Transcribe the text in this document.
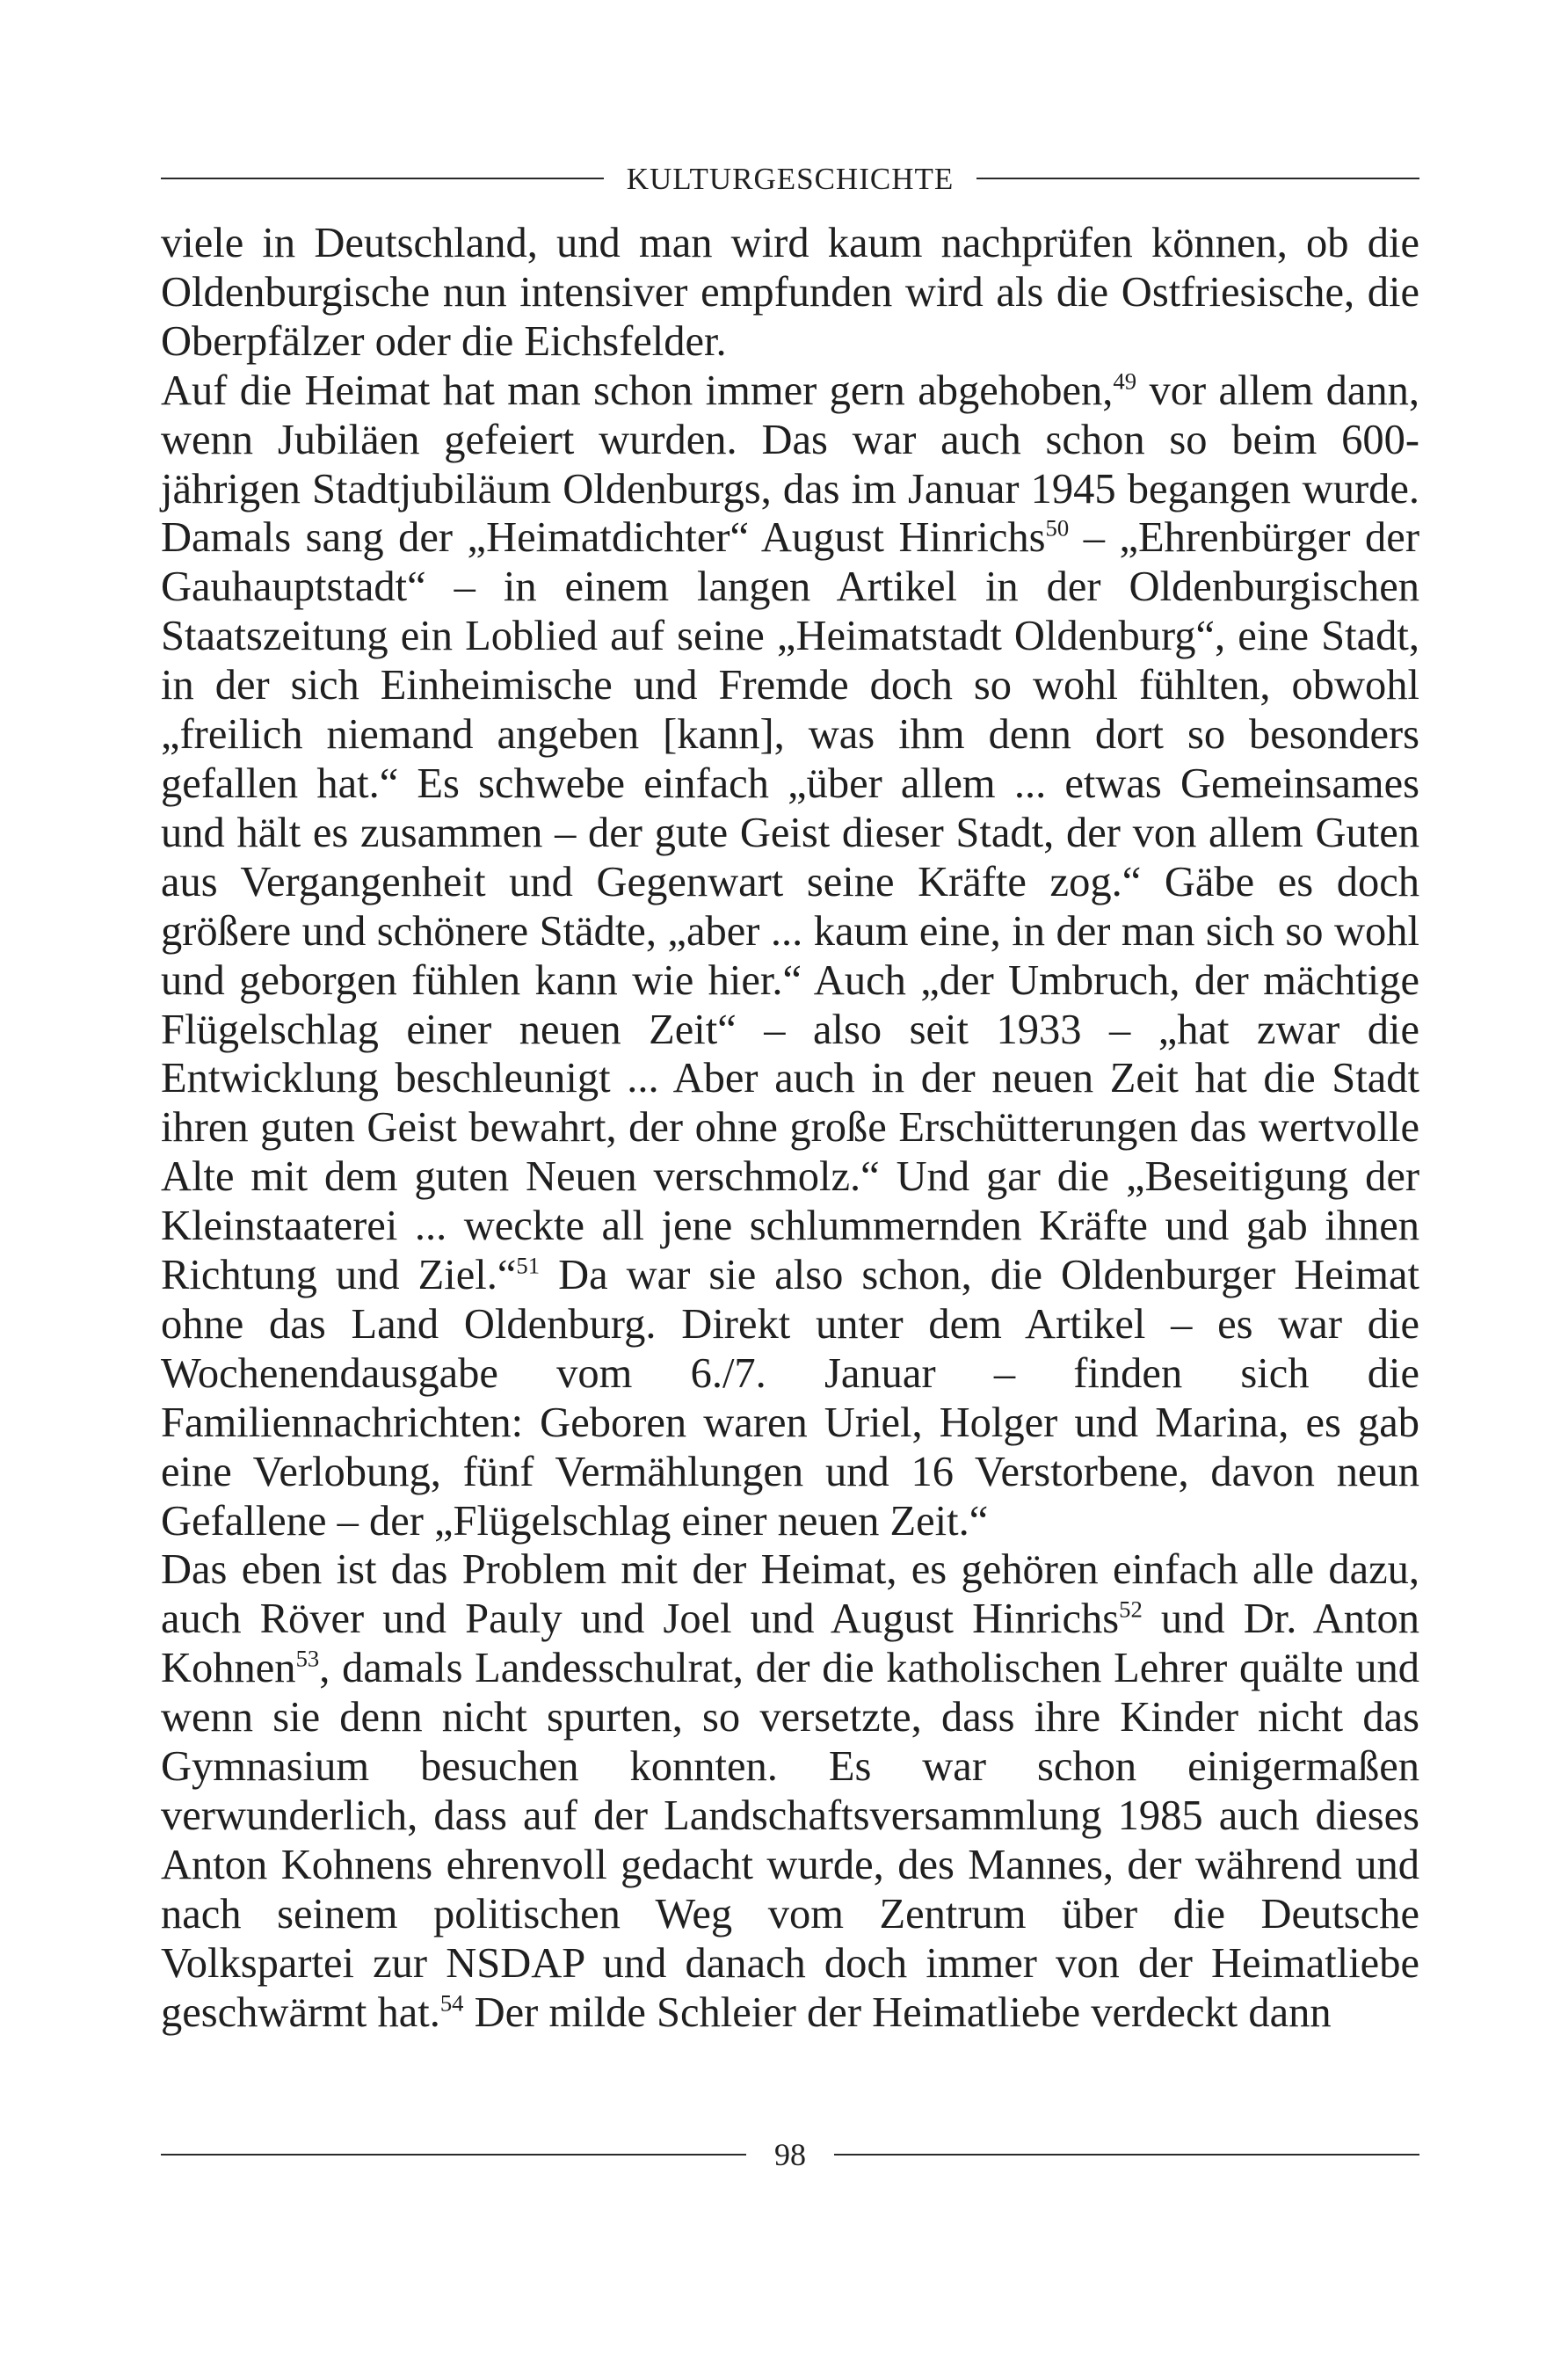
KULTURGESCHICHTE

viele in Deutschland, und man wird kaum nachprüfen können, ob die Oldenburgische nun intensiver empfunden wird als die Ostfriesische, die Oberpfälzer oder die Eichsfelder.

Auf die Heimat hat man schon immer gern abgehoben,$^{49}$ vor allem dann, wenn Jubiläen gefeiert wurden. Das war auch schon so beim 600-jährigen Stadtjubiläum Oldenburgs, das im Januar 1945 begangen wurde. Damals sang der „Heimatdichter“ August Hinrichs$^{50}$ – „Ehrenbürger der Gauhauptstadt“ – in einem langen Artikel in der Oldenburgischen Staatszeitung ein Loblied auf seine „Heimatstadt Oldenburg“, eine Stadt, in der sich Einheimische und Fremde doch so wohl fühlten, obwohl „freilich niemand angeben [kann], was ihm denn dort so besonders gefallen hat.“ Es schwebe einfach „über allem ... etwas Gemeinsames und hält es zusammen – der gute Geist dieser Stadt, der von allem Guten aus Vergangenheit und Gegenwart seine Kräfte zog.“ Gäbe es doch größere und schönere Städte, „aber ... kaum eine, in der man sich so wohl und geborgen fühlen kann wie hier.“ Auch „der Umbruch, der mächtige Flügelschlag einer neuen Zeit“ – also seit 1933 – „hat zwar die Entwicklung beschleunigt ... Aber auch in der neuen Zeit hat die Stadt ihren guten Geist bewahrt, der ohne große Erschütterungen das wertvolle Alte mit dem guten Neuen verschmolz.“ Und gar die „Beseitigung der Kleinstaaterei ... weckte all jene schlummernden Kräfte und gab ihnen Richtung und Ziel.“$^{51}$ Da war sie also schon, die Oldenburger Heimat ohne das Land Oldenburg. Direkt unter dem Artikel – es war die Wochenendausgabe vom 6./7. Januar – finden sich die Familiennachrichten: Geboren waren Uriel, Holger und Marina, es gab eine Verlobung, fünf Vermählungen und 16 Verstorbene, davon neun Gefallene – der „Flügelschlag einer neuen Zeit.“

Das eben ist das Problem mit der Heimat, es gehören einfach alle dazu, auch Röver und Pauly und Joel und August Hinrichs$^{52}$ und Dr. Anton Kohnen$^{53}$, damals Landesschulrat, der die katholischen Lehrer quälte und wenn sie denn nicht spurten, so versetzte, dass ihre Kinder nicht das Gymnasium besuchen konnten. Es war schon einigermaßen verwunderlich, dass auf der Landschaftsversammlung 1985 auch dieses Anton Kohnens ehrenvoll gedacht wurde, des Mannes, der während und nach seinem politischen Weg vom Zentrum über die Deutsche Volkspartei zur NSDAP und danach doch immer von der Heimatliebe geschwärmt hat.$^{54}$ Der milde Schleier der Heimatliebe verdeckt dann

98
